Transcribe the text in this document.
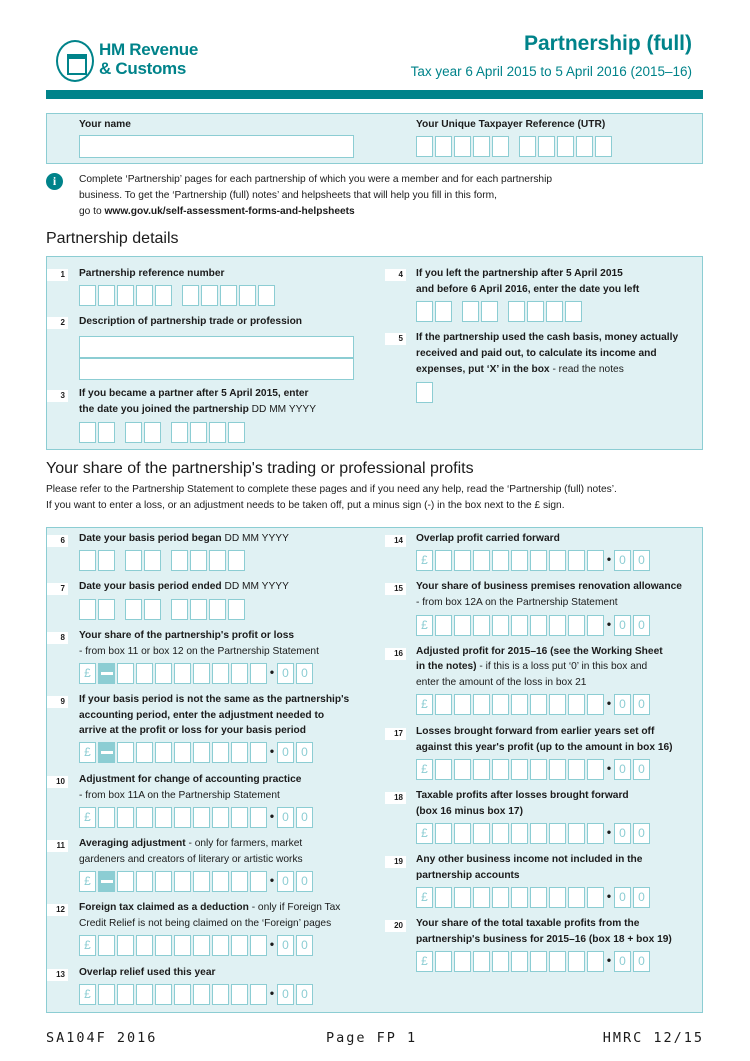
HM Revenue
& Customs
Partnership (full)
Tax year 6 April 2015 to 5 April 2016 (2015–16)
Your name	Your Unique Taxpayer Reference (UTR)
i	Complete ‘Partnership’ pages for each partnership of which you were a member and for each partnership
business. To get the ‘Partnership (full) notes’ and helpsheets that will help you fill in this form,
go to www.gov.uk/self-assessment-forms-and-helpsheets
Partnership details
1 Partnership reference number
2 Description of partnership trade or profession
3 If you became a partner after 5 April 2015, enter
the date you joined the partnership DD MM YYYY
4 If you left the partnership after 5 April 2015
and before 6 April 2016, enter the date you left
5 If the partnership used the cash basis, money actually
received and paid out, to calculate its income and
expenses, put ‘X’ in the box - read the notes
Your share of the partnership's trading or professional profits
Please refer to the Partnership Statement to complete these pages and if you need any help, read the ‘Partnership (full) notes’.
If you want to enter a loss, or an adjustment needs to be taken off, put a minus sign (-) in the box next to the £ sign.
6 Date your basis period began DD MM YYYY
7 Date your basis period ended DD MM YYYY
8 Your share of the partnership's profit or loss
- from box 11 or box 12 on the Partnership Statement
£	• 0	0
9 If your basis period is not the same as the partnership's
accounting period, enter the adjustment needed to
arrive at the profit or loss for your basis period
£	• 0	0
10 Adjustment for change of accounting practice
- from box 11A on the Partnership Statement
£	• 0	0
11 Averaging adjustment - only for farmers, market
gardeners and creators of literary or artistic works
£	• 0	0
12 Foreign tax claimed as a deduction - only if Foreign Tax
Credit Relief is not being claimed on the ‘Foreign’ pages
£	• 0	0
13 Overlap relief used this year
£	• 0	0
14 Overlap profit carried forward
£	• 0	0
15 Your share of business premises renovation allowance
- from box 12A on the Partnership Statement
£	• 0	0
16 Adjusted profit for 2015–16 (see the Working Sheet
in the notes) - if this is a loss put ‘0’ in this box and
enter the amount of the loss in box 21
£	• 0	0
17 Losses brought forward from earlier years set off
against this year's profit (up to the amount in box 16)
£	• 0	0
18 Taxable profits after losses brought forward
(box 16 minus box 17)
£	• 0	0
19 Any other business income not included in the
partnership accounts
£	• 0	0
20 Your share of the total taxable profits from the
partnership's business for 2015–16 (box 18 + box 19)
£	• 0	0
SA104F 2016	Page FP 1	HMRC 12/15
